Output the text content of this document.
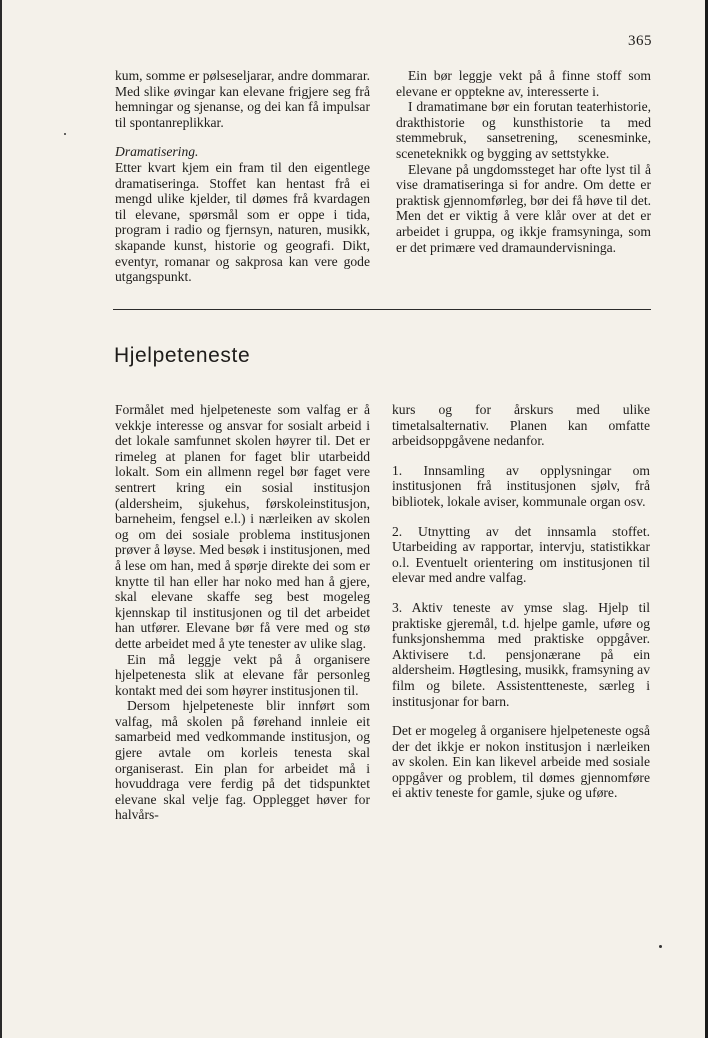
365

kum, somme er pølseseljarar, andre dommarar. Med slike øvingar kan elevane frigjere seg frå hemningar og sjenanse, og dei kan få impulsar til spontanreplikkar.

Dramatisering.

Etter kvart kjem ein fram til den eigentlege dramatiseringa. Stoffet kan hentast frå ei mengd ulike kjelder, til dømes frå kvardagen til elevane, spørsmål som er oppe i tida, program i radio og fjernsyn, naturen, musikk, skapande kunst, historie og geografi. Dikt, eventyr, romanar og sakprosa kan vere gode utgangspunkt.

Ein bør leggje vekt på å finne stoff som elevane er opptekne av, interesserte i.

I dramatimane bør ein forutan teaterhistorie, drakthistorie og kunsthistorie ta med stemmebruk, sansetrening, scenesminke, sceneteknikk og bygging av settstykke.

Elevane på ungdomssteget har ofte lyst til å vise dramatiseringa si for andre. Om dette er praktisk gjennomførleg, bør dei få høve til det. Men det er viktig å vere klår over at det er arbeidet i gruppa, og ikkje framsyninga, som er det primære ved dramaundervisninga.

Hjelpeteneste

Formålet med hjelpeteneste som valfag er å vekkje interesse og ansvar for sosialt arbeid i det lokale samfunnet skolen høyrer til. Det er rimeleg at planen for faget blir utarbeidd lokalt. Som ein allmenn regel bør faget vere sentrert kring ein sosial institusjon (aldersheim, sjukehus, førskoleinstitusjon, barneheim, fengsel e.l.) i nærleiken av skolen og om dei sosiale problema institusjonen prøver å løyse. Med besøk i institusjonen, med å lese om han, med å spørje direkte dei som er knytte til han eller har noko med han å gjere, skal elevane skaffe seg best mogeleg kjennskap til institusjonen og til det arbeidet han utfører. Elevane bør få vere med og stø dette arbeidet med å yte tenester av ulike slag.

Ein må leggje vekt på å organisere hjelpetenesta slik at elevane får personleg kontakt med dei som høyrer institusjonen til.

Dersom hjelpeteneste blir innført som valfag, må skolen på førehand innleie eit samarbeid med vedkommande institusjon, og gjere avtale om korleis tenesta skal organiserast. Ein plan for arbeidet må i hovuddraga vere ferdig på det tidspunktet elevane skal velje fag. Opplegget høver for halvårs-

kurs og for årskurs med ulike timetalsalternativ. Planen kan omfatte arbeidsoppgåvene nedanfor.

1. Innsamling av opplysningar om institusjonen frå institusjonen sjølv, frå bibliotek, lokale aviser, kommunale organ osv.

2. Utnytting av det innsamla stoffet. Utarbeiding av rapportar, intervju, statistikkar o.l. Eventuelt orientering om institusjonen til elevar med andre valfag.

3. Aktiv teneste av ymse slag. Hjelp til praktiske gjeremål, t.d. hjelpe gamle, uføre og funksjonshemma med praktiske oppgåver. Aktivisere t.d. pensjonærane på ein aldersheim. Høgtlesing, musikk, framsyning av film og bilete. Assistentteneste, særleg i institusjonar for barn.

Det er mogeleg å organisere hjelpeteneste også der det ikkje er nokon institusjon i nærleiken av skolen. Ein kan likevel arbeide med sosiale oppgåver og problem, til dømes gjennomføre ei aktiv teneste for gamle, sjuke og uføre.
